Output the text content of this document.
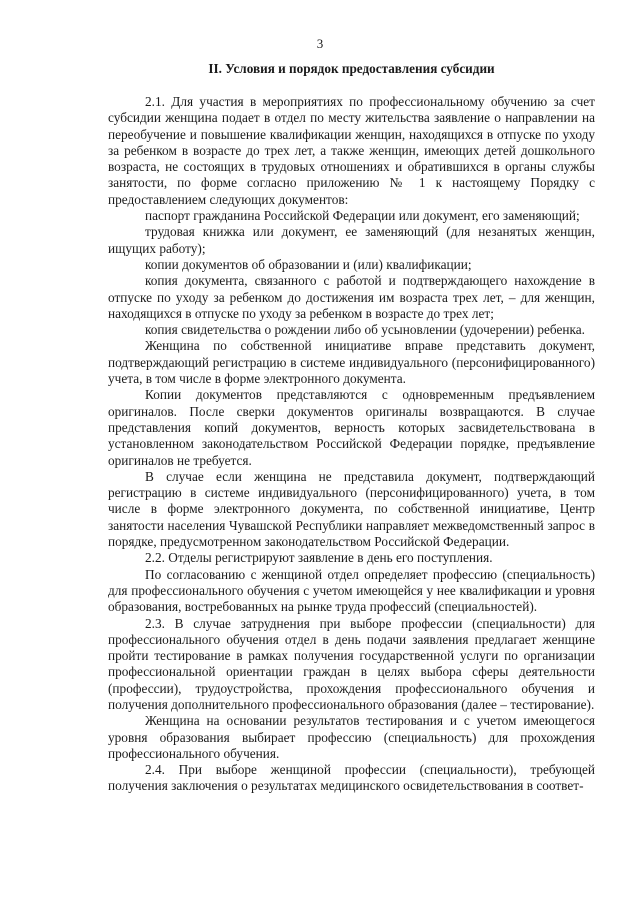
3
II. Условия и порядок предоставления субсидии

2.1. Для участия в мероприятиях по профессиональному обучению за счет субсидии женщина подает в отдел по месту жительства заявление о направлении на переобучение и повышение квалификации женщин, находящихся в отпуске по уходу за ребенком в возрасте до трех лет, а также женщин, имеющих детей дошкольного возраста, не состоящих в трудовых отношениях и обратившихся в органы службы занятости, по форме согласно приложению № 1 к настоящему Порядку с предоставлением следующих документов:

паспорт гражданина Российской Федерации или документ, его заменяющий;

трудовая книжка или документ, ее заменяющий (для незанятых женщин, ищущих работу);

копии документов об образовании и (или) квалификации;

копия документа, связанного с работой и подтверждающего нахождение в отпуске по уходу за ребенком до достижения им возраста трех лет, – для женщин, находящихся в отпуске по уходу за ребенком в возрасте до трех лет;

копия свидетельства о рождении либо об усыновлении (удочерении) ребенка.

Женщина по собственной инициативе вправе представить документ, подтверждающий регистрацию в системе индивидуального (персонифицированного) учета, в том числе в форме электронного документа.

Копии документов представляются с одновременным предъявлением оригиналов. После сверки документов оригиналы возвращаются. В случае представления копий документов, верность которых засвидетельствована в установленном законодательством Российской Федерации порядке, предъявление оригиналов не требуется.

В случае если женщина не представила документ, подтверждающий регистрацию в системе индивидуального (персонифицированного) учета, в том числе в форме электронного документа, по собственной инициативе, Центр занятости населения Чувашской Республики направляет межведомственный запрос в порядке, предусмотренном законодательством Российской Федерации.

2.2. Отделы регистрируют заявление в день его поступления.

По согласованию с женщиной отдел определяет профессию (специальность) для профессионального обучения с учетом имеющейся у нее квалификации и уровня образования, востребованных на рынке труда профессий (специальностей).

2.3. В случае затруднения при выборе профессии (специальности) для профессионального обучения отдел в день подачи заявления предлагает женщине пройти тестирование в рамках получения государственной услуги по организации профессиональной ориентации граждан в целях выбора сферы деятельности (профессии), трудоустройства, прохождения профессионального обучения и получения дополнительного профессионального образования (далее – тестирование).

Женщина на основании результатов тестирования и с учетом имеющегося уровня образования выбирает профессию (специальность) для прохождения профессионального обучения.

2.4. При выборе женщиной профессии (специальности), требующей получения заключения о результатах медицинского освидетельствования в соответ-
